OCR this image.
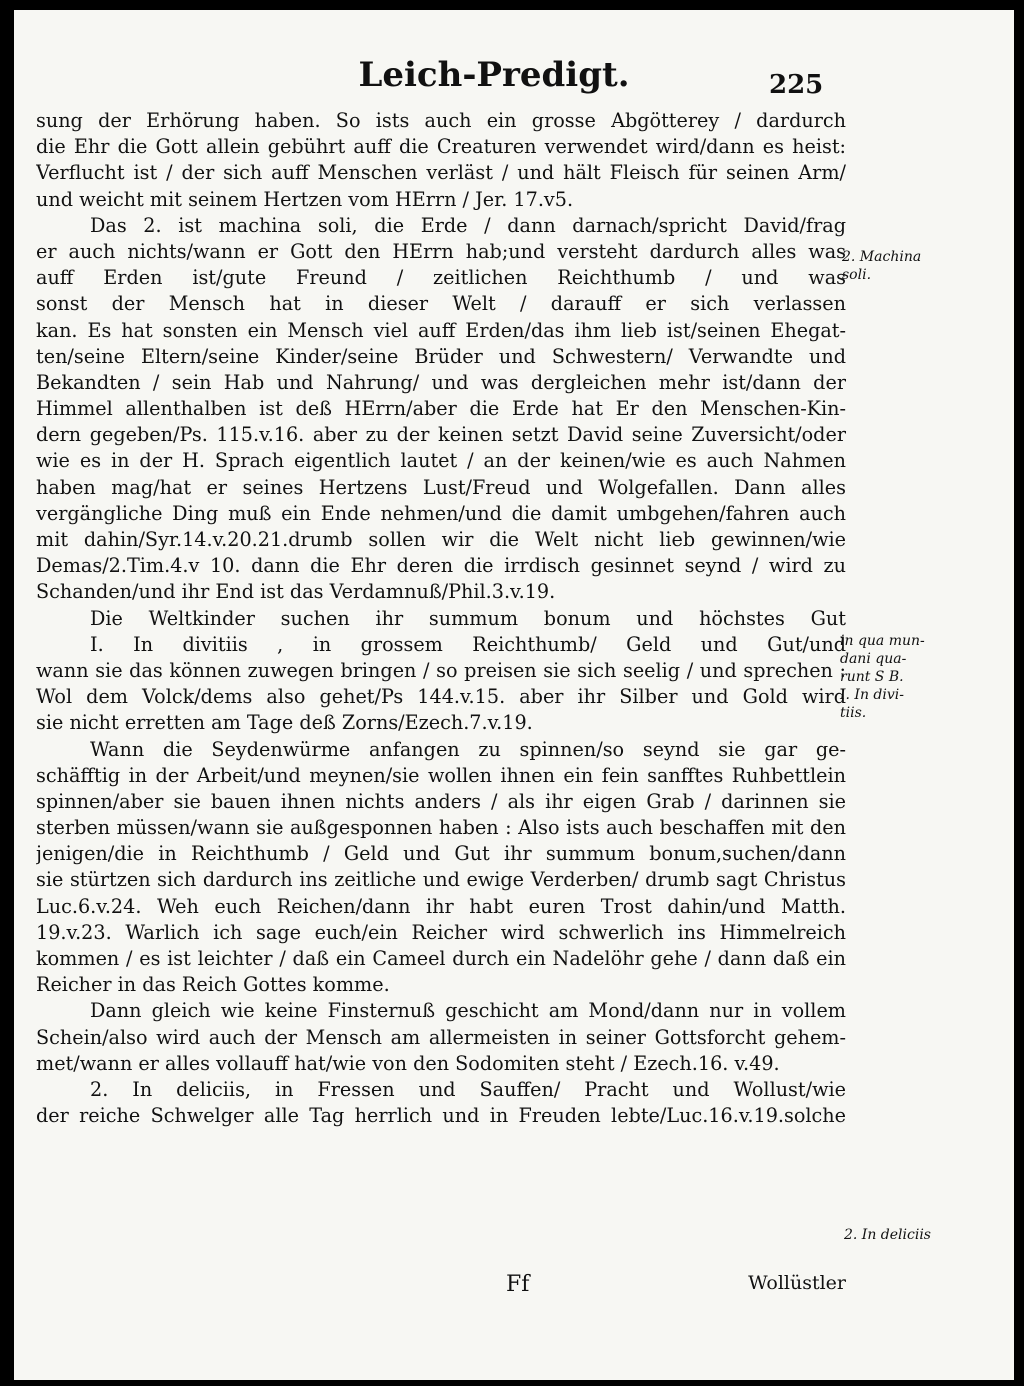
Leich-Predigt.	225
sung der Erhörung haben. So ists auch ein grosse Abgötterey / dardurch
die Ehr die Gott allein gebührt auff die Creaturen verwendet wird/dann es heist:
Verflucht ist / der sich auff Menschen verläst / und hält Fleisch für seinen Arm/
und weicht mit seinem Hertzen vom HErrn / Jer. 17.v5.
Das 2. ist machina soli, die Erde / dann darnach/spricht David/frag
er auch nichts/wann er Gott den HErrn hab;und versteht dardurch alles was
auff Erden ist/gute Freund / zeitlichen Reichthumb / und was
sonst der Mensch hat in dieser Welt / darauff er sich verlassen
kan. Es hat sonsten ein Mensch viel auff Erden/das ihm lieb ist/seinen Ehegat-
ten/seine Eltern/seine Kinder/seine Brüder und Schwestern/ Verwandte und
Bekandten / sein Hab und Nahrung/ und was dergleichen mehr ist/dann der
Himmel allenthalben ist deß HErrn/aber die Erde hat Er den Menschen-Kin-
dern gegeben/Ps. 115.v.16. aber zu der keinen setzt David seine Zuversicht/oder
wie es in der H. Sprach eigentlich lautet / an der keinen/wie es auch Nahmen
haben mag/hat er seines Hertzens Lust/Freud und Wolgefallen. Dann alles
vergängliche Ding muß ein Ende nehmen/und die damit umbgehen/fahren auch
mit dahin/Syr.14.v.20.21.drumb sollen wir die Welt nicht lieb gewinnen/wie
Demas/2.Tim.4.v 10. dann die Ehr deren die irrdisch gesinnet seynd / wird zu
Schanden/und ihr End ist das Verdamnuß/Phil.3.v.19.
Die Weltkinder suchen ihr summum bonum und höchstes Gut
I. In divitiis , in grossem Reichthumb/ Geld und Gut/und
wann sie das können zuwegen bringen / so preisen sie sich seelig / und sprechen :
Wol dem Volck/dems also gehet/Ps 144.v.15. aber ihr Silber und Gold wird
sie nicht erretten am Tage deß Zorns/Ezech.7.v.19.
Wann die Seydenwürme anfangen zu spinnen/so seynd sie gar ge-
schäfftig in der Arbeit/und meynen/sie wollen ihnen ein fein sanfftes Ruhbettlein
spinnen/aber sie bauen ihnen nichts anders / als ihr eigen Grab / darinnen sie
sterben müssen/wann sie außgesponnen haben : Also ists auch beschaffen mit den
jenigen/die in Reichthumb / Geld und Gut ihr summum bonum,suchen/dann
sie stürtzen sich dardurch ins zeitliche und ewige Verderben/ drumb sagt Christus
Luc.6.v.24. Weh euch Reichen/dann ihr habt euren Trost dahin/und Matth.
19.v.23. Warlich ich sage euch/ein Reicher wird schwerlich ins Himmelreich
kommen / es ist leichter / daß ein Cameel durch ein Nadelöhr gehe / dann daß ein
Reicher in das Reich Gottes komme.
Dann gleich wie keine Finsternuß geschicht am Mond/dann nur in vollem
Schein/also wird auch der Mensch am allermeisten in seiner Gottsforcht gehem-
met/wann er alles vollauff hat/wie von den Sodomiten steht / Ezech.16. v.49.
2. In deliciis, in Fressen und Sauffen/ Pracht und Wollust/wie
der reiche Schwelger alle Tag herrlich und in Freuden lebte/Luc.16.v.19.solche
2. Machina
soli.
in qua mun-
dani qua-
runt S B.
I. In divi-
tiis.
2. In deliciis
Ff	Wollüstler
